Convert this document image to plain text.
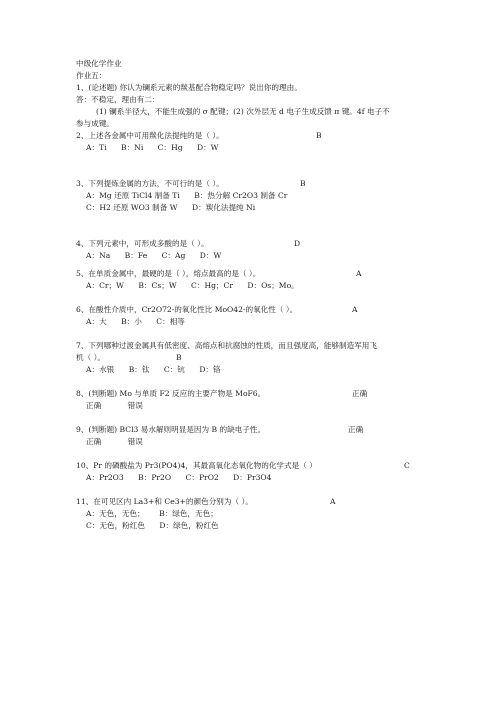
中级化学作业
作业五：
1、(论述题) 你认为镧系元素的羰基配合物稳定吗？说出你的理由。
答：不稳定，理由有二：
(1) 镧系半径大，不能生成强的 σ 配键；(2) 次外层无 d 电子生成反馈 π 键。4f 电子不
参与成键。
2、上述各金属中可用羰化法提纯的是（ ）。	B
A：Ti B：Ni C：Hg D：W
3、下列提炼金属的方法，不可行的是（ ）。	B
A：Mg 还原 TiCl4 制备 Ti B：热分解 Cr2O3 制备 Cr
C：H2 还原 WO3 制备 W D：羰化法提纯 Ni
4、下列元素中，可形成多酸的是（ ）。	D
A：Na B：Fe C：Ag D：W
5、在单质金属中，最硬的是（ ），熔点最高的是（ ）。	A
A：Cr；W B：Cs；W C：Hg；Cr D：Os；Mo。
6、在酸性介质中，Cr2O72-的氧化性比 MoO42-的氧化性（ ）。	A
A：大 B：小 C：相等
7、下列哪种过渡金属具有低密度、高熔点和抗腐蚀的性质，而且强度高，能够制造军用飞
机（ ）。	B
A：水银 B：钛 C：钪 D：铬
8、(判断题) Mo 与单质 F2 反应的主要产物是 MoF6。	正确
正确	错误
9、(判断题) BCl3 易水解则明显是因为 B 的缺电子性。	正确
正确	错误
10、Pr 的磷酸盐为 Pr3(PO4)4，其最高氧化态氧化物的化学式是（ ）	C
A：Pr2O3 B：Pr2O C：PrO2 D：Pr3O4
11、在可见区内 La3+和 Ce3+的颜色分别为（ ）。	A
A：无色，无色； B：绿色，无色；
C：无色，粉红色 D：绿色，粉红色
